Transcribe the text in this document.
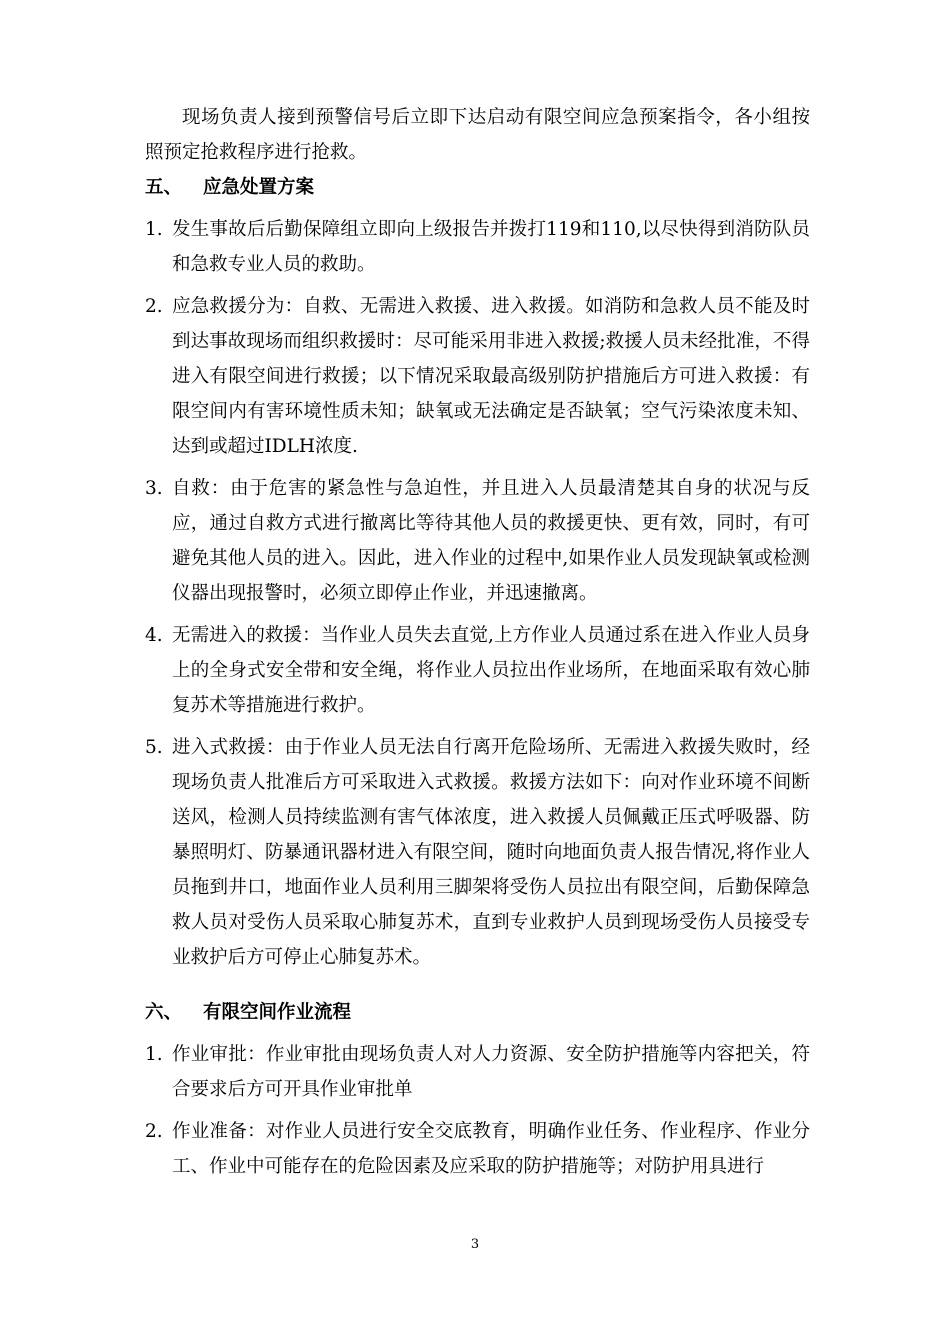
现场负责人接到预警信号后立即下达启动有限空间应急预案指令，各小组按照预定抢救程序进行抢救。
五、 应急处置方案
1. 发生事故后后勤保障组立即向上级报告并拨打119和110,以尽快得到消防队员和急救专业人员的救助。
2. 应急救援分为：自救、无需进入救援、进入救援。如消防和急救人员不能及时到达事故现场而组织救援时：尽可能采用非进入救援;救援人员未经批准，不得进入有限空间进行救援；以下情况采取最高级别防护措施后方可进入救援：有限空间内有害环境性质未知；缺氧或无法确定是否缺氧；空气污染浓度未知、达到或超过IDLH浓度.
3. 自救：由于危害的紧急性与急迫性，并且进入人员最清楚其自身的状况与反应，通过自救方式进行撤离比等待其他人员的救援更快、更有效，同时，有可避免其他人员的进入。因此，进入作业的过程中,如果作业人员发现缺氧或检测仪器出现报警时，必须立即停止作业，并迅速撤离。
4. 无需进入的救援：当作业人员失去直觉,上方作业人员通过系在进入作业人员身上的全身式安全带和安全绳，将作业人员拉出作业场所，在地面采取有效心肺复苏术等措施进行救护。
5. 进入式救援：由于作业人员无法自行离开危险场所、无需进入救援失败时，经现场负责人批准后方可采取进入式救援。救援方法如下：向对作业环境不间断送风，检测人员持续监测有害气体浓度，进入救援人员佩戴正压式呼吸器、防暴照明灯、防暴通讯器材进入有限空间，随时向地面负责人报告情况,将作业人员拖到井口，地面作业人员利用三脚架将受伤人员拉出有限空间，后勤保障急救人员对受伤人员采取心肺复苏术，直到专业救护人员到现场受伤人员接受专业救护后方可停止心肺复苏术。
六、 有限空间作业流程
1. 作业审批：作业审批由现场负责人对人力资源、安全防护措施等内容把关，符合要求后方可开具作业审批单
2. 作业准备：对作业人员进行安全交底教育，明确作业任务、作业程序、作业分工、作业中可能存在的危险因素及应采取的防护措施等；对防护用具进行
3
